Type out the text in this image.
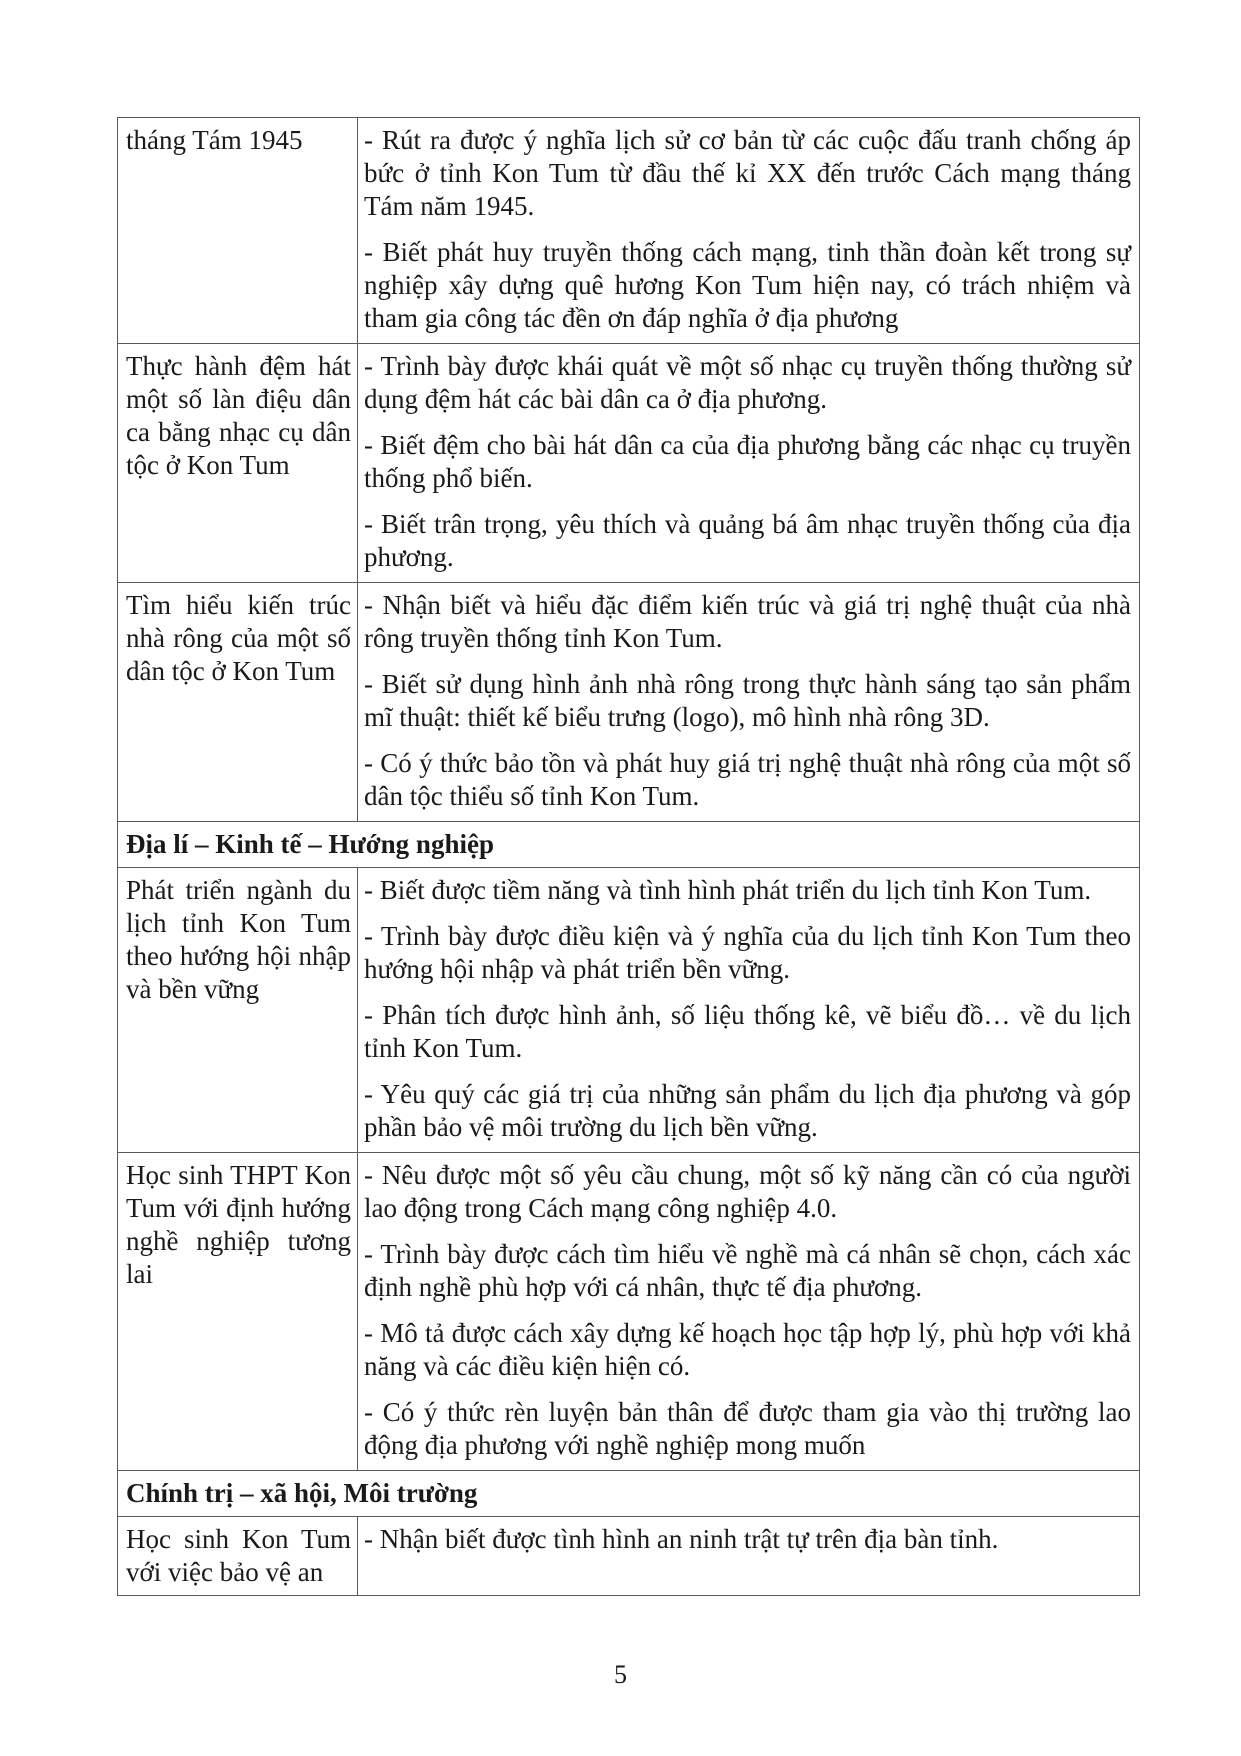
tháng Tám 1945	- Rút ra được ý nghĩa lịch sử cơ bản từ các cuộc đấu tranh chống áp bức ở tỉnh Kon Tum từ đầu thế kỉ XX đến trước Cách mạng tháng Tám năm 1945.

- Biết phát huy truyền thống cách mạng, tinh thần đoàn kết trong sự nghiệp xây dựng quê hương Kon Tum hiện nay, có trách nhiệm và tham gia công tác đền ơn đáp nghĩa ở địa phương

Thực hành đệm hát một số làn điệu dân ca bằng nhạc cụ dân tộc ở Kon Tum	- Trình bày được khái quát về một số nhạc cụ truyền thống thường sử dụng đệm hát các bài dân ca ở địa phương.

- Biết đệm cho bài hát dân ca của địa phương bằng các nhạc cụ truyền thống phổ biến.

- Biết trân trọng, yêu thích và quảng bá âm nhạc truyền thống của địa phương.

Tìm hiểu kiến trúc nhà rông của một số dân tộc ở Kon Tum	- Nhận biết và hiểu đặc điểm kiến trúc và giá trị nghệ thuật của nhà rông truyền thống tỉnh Kon Tum.

- Biết sử dụng hình ảnh nhà rông trong thực hành sáng tạo sản phẩm mĩ thuật: thiết kế biểu trưng (logo), mô hình nhà rông 3D.

- Có ý thức bảo tồn và phát huy giá trị nghệ thuật nhà rông của một số dân tộc thiểu số tỉnh Kon Tum.

Địa lí – Kinh tế – Hướng nghiệp	
Phát triển ngành du lịch tỉnh Kon Tum theo hướng hội nhập và bền vững	- Biết được tiềm năng và tình hình phát triển du lịch tỉnh Kon Tum.

- Trình bày được điều kiện và ý nghĩa của du lịch tỉnh Kon Tum theo hướng hội nhập và phát triển bền vững.

- Phân tích được hình ảnh, số liệu thống kê, vẽ biểu đồ… về du lịch tỉnh Kon Tum.

- Yêu quý các giá trị của những sản phẩm du lịch địa phương và góp phần bảo vệ môi trường du lịch bền vững.

Học sinh THPT Kon Tum với định hướng nghề nghiệp tương lai	- Nêu được một số yêu cầu chung, một số kỹ năng cần có của người lao động trong Cách mạng công nghiệp 4.0.

- Trình bày được cách tìm hiểu về nghề mà cá nhân sẽ chọn, cách xác định nghề phù hợp với cá nhân, thực tế địa phương.

- Mô tả được cách xây dựng kế hoạch học tập hợp lý, phù hợp với khả năng và các điều kiện hiện có.

- Có ý thức rèn luyện bản thân để được tham gia vào thị trường lao động địa phương với nghề nghiệp mong muốn

Chính trị – xã hội, Môi trường	
Học sinh Kon Tum với việc bảo vệ an	- Nhận biết được tình hình an ninh trật tự trên địa bàn tỉnh.

5
